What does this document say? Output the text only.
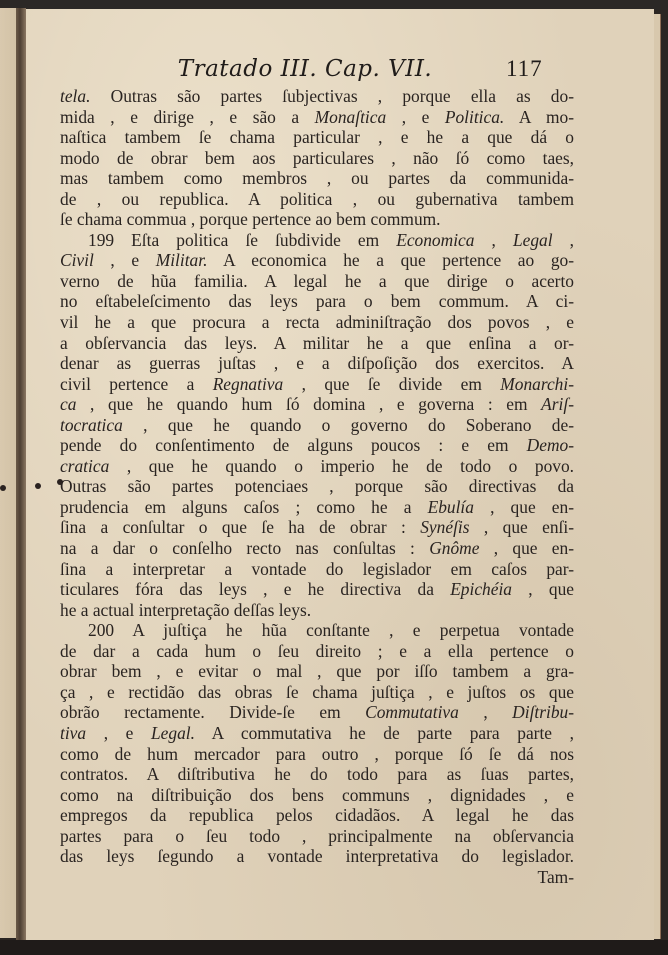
Tratado III. Cap. VII.	117
tela. Outras são partes ſubjectivas , porque ella as do-
mida , e dirige , e são a Monaſtica , e Politica. A mo-
naſtica tambem ſe chama particular , e he a que dá o
modo de obrar bem aos particulares , não ſó como taes,
mas tambem como membros , ou partes da communida-
de , ou republica. A politica , ou gubernativa tambem
ſe chama commua , porque pertence ao bem commum.
199 Eſta politica ſe ſubdivide em Economica , Legal ,
Civil , e Militar. A economica he a que pertence ao go-
verno de hũa familia. A legal he a que dirige o acerto
no eſtabeleſcimento das leys para o bem commum. A ci-
vil he a que procura a recta adminiſtração dos povos , e
a obſervancia das leys. A militar he a que enſina a or-
denar as guerras juſtas , e a diſpoſição dos exercitos. A
civil pertence a Regnativa , que ſe divide em Monarchi-
ca , que he quando hum ſó domina , e governa : em Ariſ-
tocratica , que he quando o governo do Soberano de-
pende do conſentimento de alguns poucos : e em Demo-
cratica , que he quando o imperio he de todo o povo.
Outras são partes potenciaes , porque são directivas da
prudencia em alguns caſos ; como he a Ebulía , que en-
ſina a conſultar o que ſe ha de obrar : Synéſis , que enſi-
na a dar o conſelho recto nas conſultas : Gnôme , que en-
ſina a interpretar a vontade do legislador em caſos par-
ticulares fóra das leys , e he directiva da Epichéia , que
he a actual interpretação deſſas leys.
200 A juſtiça he hũa conſtante , e perpetua vontade
de dar a cada hum o ſeu direito ; e a ella pertence o
obrar bem , e evitar o mal , que por iſſo tambem a gra-
ça , e rectidão das obras ſe chama juſtiça , e juſtos os que
obrão rectamente. Divide-ſe em Commutativa , Diſtribu-
tiva , e Legal. A commutativa he de parte para parte ,
como de hum mercador para outro , porque ſó ſe dá nos
contratos. A diſtributiva he do todo para as ſuas partes,
como na diſtribuição dos bens communs , dignidades , e
empregos da republica pelos cidadãos. A legal he das
partes para o ſeu todo , principalmente na obſervancia
das leys ſegundo a vontade interpretativa do legislador.
Tam-
